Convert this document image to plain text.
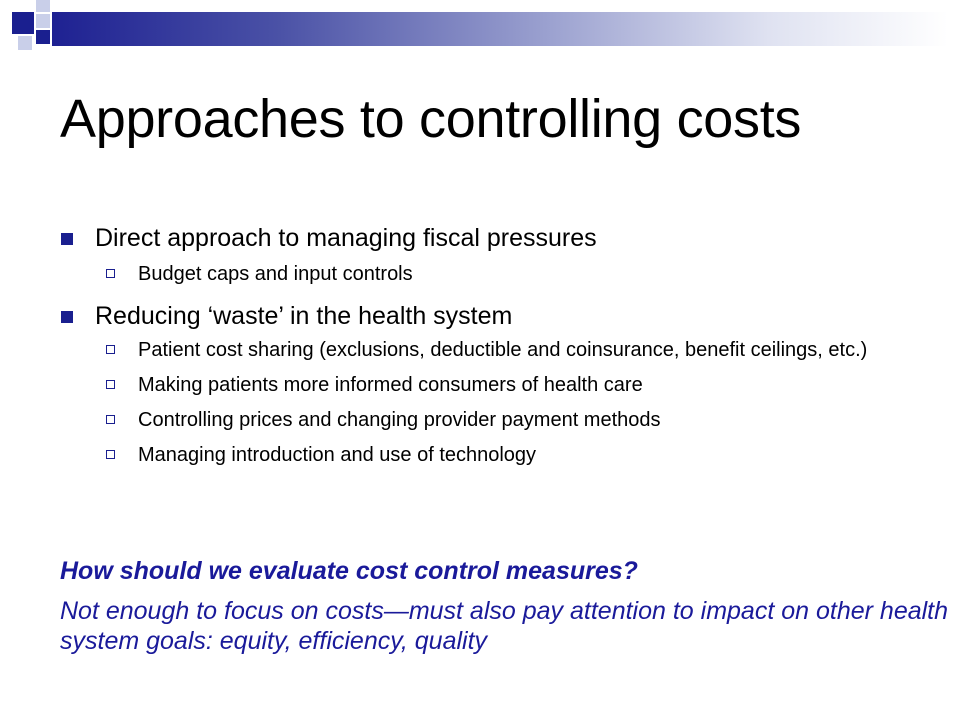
Approaches to controlling costs
Direct approach to managing fiscal pressures
Budget caps and input controls
Reducing ‘waste’ in the health system
Patient cost sharing (exclusions, deductible and coinsurance, benefit ceilings, etc.)
Making patients more informed consumers of health care
Controlling prices and changing provider payment methods
Managing introduction and use of technology
How should we evaluate cost control measures?
Not enough to focus on costs—must also pay attention to impact on other health system goals: equity, efficiency, quality
